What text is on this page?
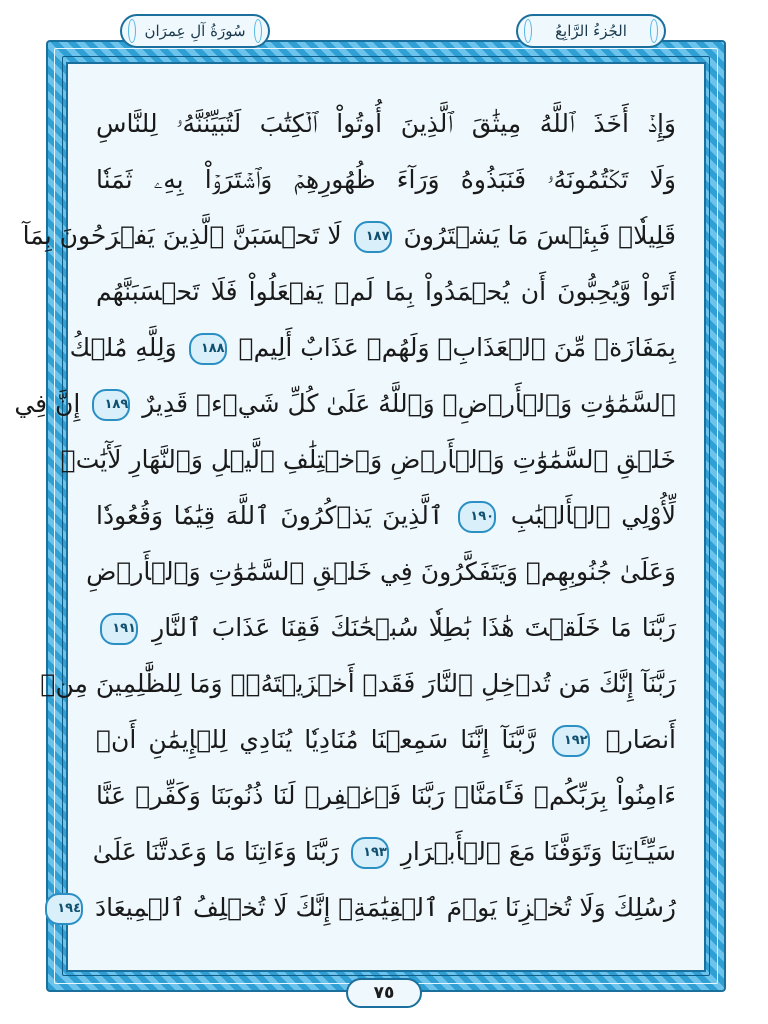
سُورَةُ آلِ عِمرَان	الجُزءُ الرَّابِعُ
وَإِذۡ أَخَذَ ٱللَّهُ مِيثَٰقَ ٱلَّذِينَ أُوتُواْ ٱلۡكِتَٰبَ لَتُبَيِّنُنَّهُۥ لِلنَّاسِ
وَلَا تَكۡتُمُونَهُۥ فَنَبَذُوهُ وَرَآءَ ظُهُورِهِمۡ وَٱشۡتَرَوۡاْ بِهِۦ ثَمَنٗا
قَلِيلٗاۖ فَبِئۡسَ مَا يَشۡتَرُونَ ١٨٧ لَا تَحۡسَبَنَّ ٱلَّذِينَ يَفۡرَحُونَ بِمَآ
أَتَواْ وَّيُحِبُّونَ أَن يُحۡمَدُواْ بِمَا لَمۡ يَفۡعَلُواْ فَلَا تَحۡسَبَنَّهُم
بِمَفَازَةٖ مِّنَ ٱلۡعَذَابِۖ وَلَهُمۡ عَذَابٌ أَلِيمٞ ١٨٨ وَلِلَّهِ مُلۡكُ
ٱلسَّمَٰوَٰتِ وَٱلۡأَرۡضِۗ وَٱللَّهُ عَلَىٰ كُلِّ شَيۡءٖ قَدِيرٌ ١٨٩ إِنَّ فِي
خَلۡقِ ٱلسَّمَٰوَٰتِ وَٱلۡأَرۡضِ وَٱخۡتِلَٰفِ ٱلَّيۡلِ وَٱلنَّهَارِ لَأٓيَٰتٖ
لِّأُوْلِي ٱلۡأَلۡبَٰبِ ١٩٠ ٱلَّذِينَ يَذۡكُرُونَ ٱللَّهَ قِيَٰمٗا وَقُعُودٗا
وَعَلَىٰ جُنُوبِهِمۡ وَيَتَفَكَّرُونَ فِي خَلۡقِ ٱلسَّمَٰوَٰتِ وَٱلۡأَرۡضِ
رَبَّنَا مَا خَلَقۡتَ هَٰذَا بَٰطِلٗا سُبۡحَٰنَكَ فَقِنَا عَذَابَ ٱلنَّارِ ١٩١
رَبَّنَآ إِنَّكَ مَن تُدۡخِلِ ٱلنَّارَ فَقَدۡ أَخۡزَيۡتَهُۥۖ وَمَا لِلظَّٰلِمِينَ مِنۡ
أَنصَارٖ ١٩٢ رَّبَّنَآ إِنَّنَا سَمِعۡنَا مُنَادِيٗا يُنَادِي لِلۡإِيمَٰنِ أَنۡ
ءَامِنُواْ بِرَبِّكُمۡ فَـَٔامَنَّاۚ رَبَّنَا فَٱغۡفِرۡ لَنَا ذُنُوبَنَا وَكَفِّرۡ عَنَّا
سَيِّـَٔاتِنَا وَتَوَفَّنَا مَعَ ٱلۡأَبۡرَارِ ١٩٣ رَبَّنَا وَءَاتِنَا مَا وَعَدتَّنَا عَلَىٰ
رُسُلِكَ وَلَا تُخۡزِنَا يَوۡمَ ٱلۡقِيَٰمَةِۗ إِنَّكَ لَا تُخۡلِفُ ٱلۡمِيعَادَ ١٩٤
٧٥
